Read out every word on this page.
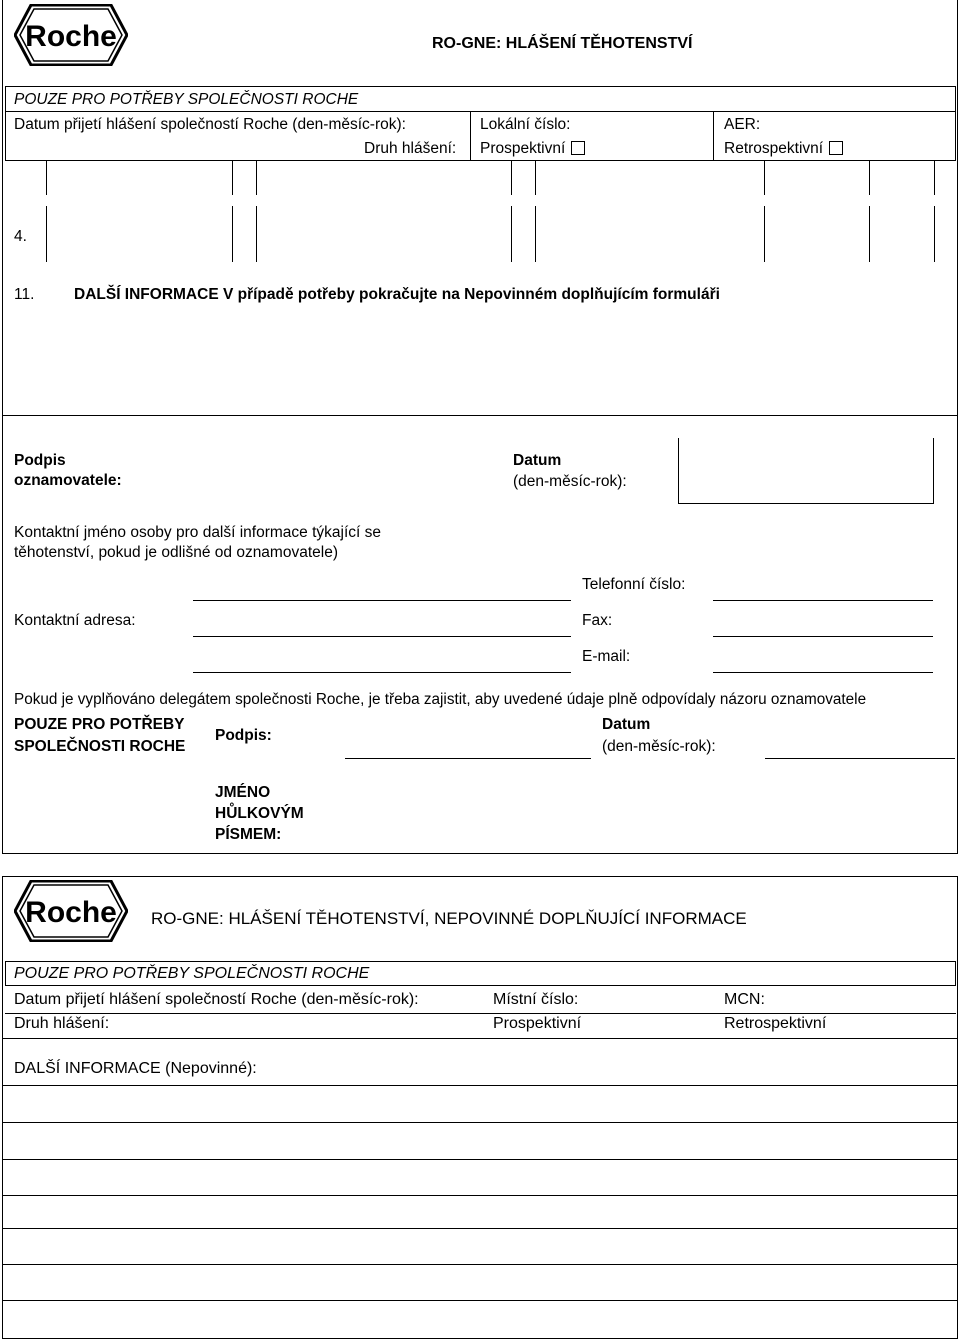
Roche	RO-GNE: HLÁŠENÍ TĚHOTENSTVÍ
POUZE PRO POTŘEBY SPOLEČNOSTI ROCHE
Datum přijetí hlášení společností Roche (den-měsíc-rok):	Lokální číslo:	AER:
Druh hlášení: Prospektivní	Retrospektivní
4.
11.	DALŠÍ INFORMACE V případě potřeby pokračujte na Nepovinném doplňujícím formuláři
Podpis
oznamovatele:
Datum
(den-měsíc-rok):
Kontaktní jméno osoby pro další informace týkající se
těhotenství, pokud je odlišné od oznamovatele)
Telefonní číslo:
Kontaktní adresa:	Fax:
E-mail:
Pokud je vyplňováno delegátem společnosti Roche, je třeba zajistit, aby uvedené údaje plně odpovídaly názoru oznamovatele
POUZE PRO POTŘEBY
SPOLEČNOSTI ROCHE
Podpis:
Datum
(den-měsíc-rok):
JMÉNO
HŮLKOVÝM
PÍSMEM:
Roche RO-GNE: HLÁŠENÍ TĚHOTENSTVÍ, NEPOVINNÉ DOPLŇUJÍCÍ INFORMACE
POUZE PRO POTŘEBY SPOLEČNOSTI ROCHE
Datum přijetí hlášení společností Roche (den-měsíc-rok):	Místní číslo:	MCN:
Druh hlášení:	Prospektivní	Retrospektivní
DALŠÍ INFORMACE (Nepovinné):
